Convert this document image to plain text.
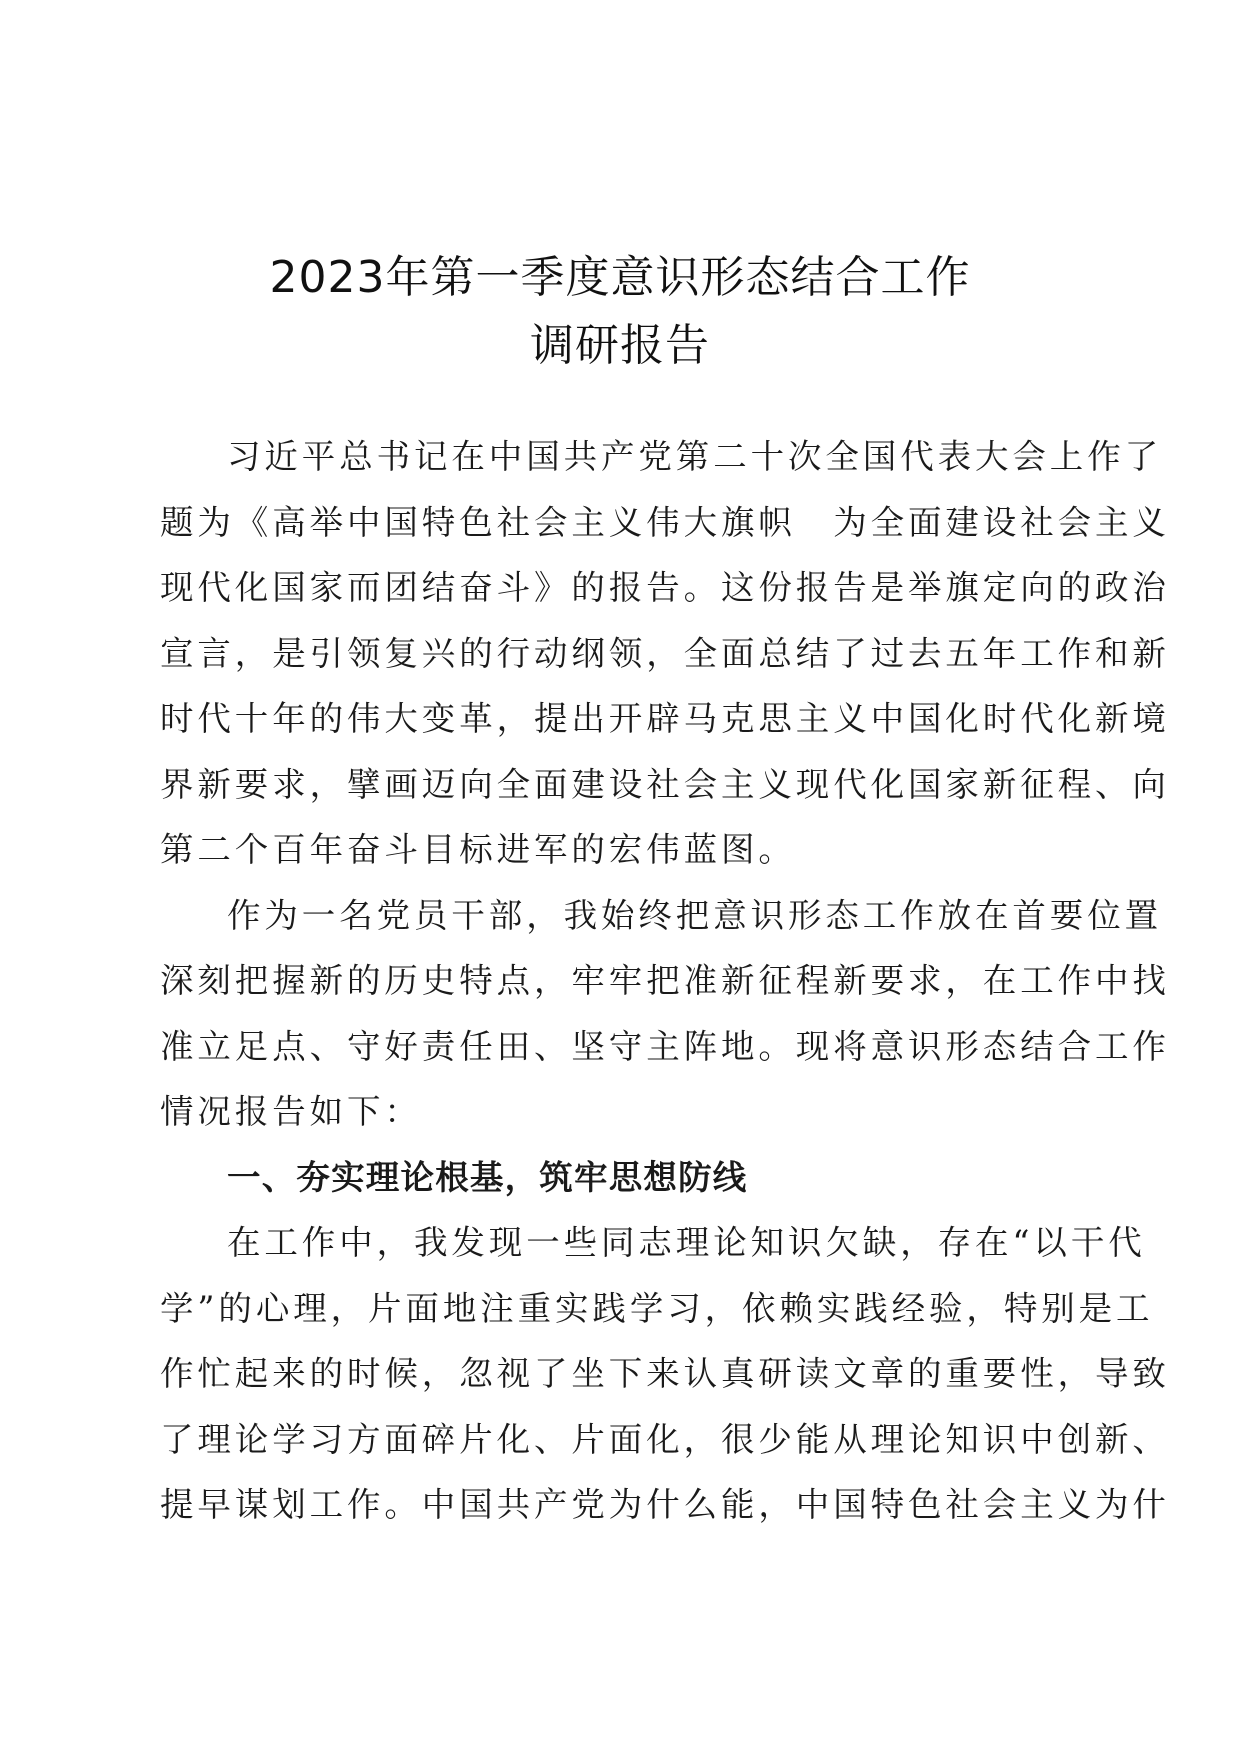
2023年第一季度意识形态结合工作
调研报告

习近平总书记在中国共产党第二十次全国代表大会上作了
题为《高举中国特色社会主义伟大旗帜　为全面建设社会主义
现代化国家而团结奋斗》的报告。这份报告是举旗定向的政治
宣言，是引领复兴的行动纲领，全面总结了过去五年工作和新
时代十年的伟大变革，提出开辟马克思主义中国化时代化新境
界新要求，擘画迈向全面建设社会主义现代化国家新征程、向
第二个百年奋斗目标进军的宏伟蓝图。

作为一名党员干部，我始终把意识形态工作放在首要位置
深刻把握新的历史特点，牢牢把准新征程新要求，在工作中找
准立足点、守好责任田、坚守主阵地。现将意识形态结合工作
情况报告如下：

一、夯实理论根基，筑牢思想防线

在工作中，我发现一些同志理论知识欠缺，存在“以干代
学”的心理，片面地注重实践学习，依赖实践经验，特别是工
作忙起来的时候，忽视了坐下来认真研读文章的重要性，导致
了理论学习方面碎片化、片面化，很少能从理论知识中创新、
提早谋划工作。中国共产党为什么能，中国特色社会主义为什
